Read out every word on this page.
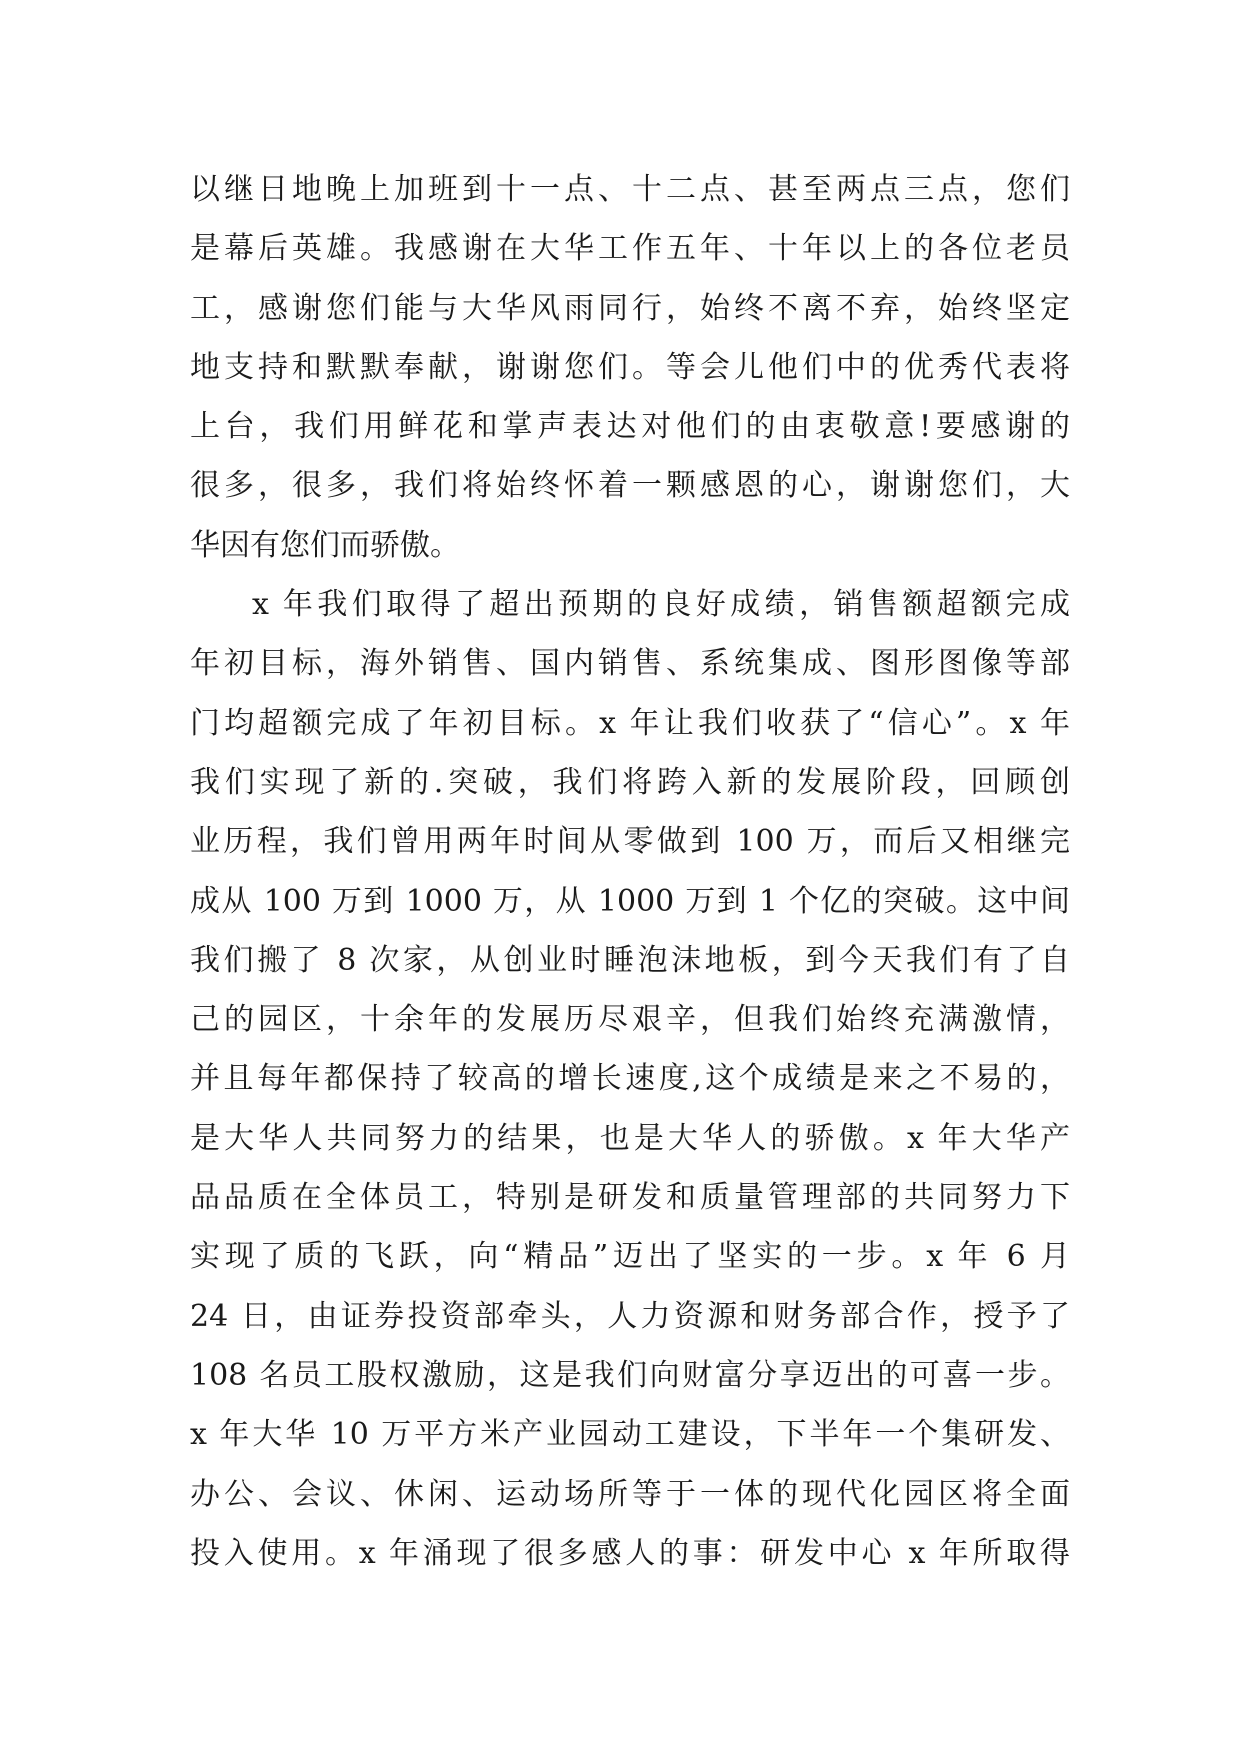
以继日地晚上加班到十一点、十二点、甚至两点三点，您们
是幕后英雄。我感谢在大华工作五年、十年以上的各位老员
工，感谢您们能与大华风雨同行，始终不离不弃，始终坚定
地支持和默默奉献，谢谢您们。等会儿他们中的优秀代表将
上台，我们用鲜花和掌声表达对他们的由衷敬意!要感谢的
很多，很多，我们将始终怀着一颗感恩的心，谢谢您们，大
华因有您们而骄傲。
x 年我们取得了超出预期的良好成绩，销售额超额完成
年初目标，海外销售、国内销售、系统集成、图形图像等部
门均超额完成了年初目标。x 年让我们收获了“信心”。x 年
我们实现了新的.突破，我们将跨入新的发展阶段，回顾创
业历程，我们曾用两年时间从零做到 100 万，而后又相继完
成从 100 万到 1000 万，从 1000 万到 1 个亿的突破。这中间
我们搬了 8 次家，从创业时睡泡沫地板，到今天我们有了自
己的园区，十余年的发展历尽艰辛，但我们始终充满激情，
并且每年都保持了较高的增长速度,这个成绩是来之不易的，
是大华人共同努力的结果，也是大华人的骄傲。x 年大华产
品品质在全体员工，特别是研发和质量管理部的共同努力下
实现了质的飞跃，向“精品”迈出了坚实的一步。x 年 6 月
24 日，由证券投资部牵头，人力资源和财务部合作，授予了
108 名员工股权激励，这是我们向财富分享迈出的可喜一步。
x 年大华 10 万平方米产业园动工建设，下半年一个集研发、
办公、会议、休闲、运动场所等于一体的现代化园区将全面
投入使用。x 年涌现了很多感人的事：研发中心 x 年所取得
